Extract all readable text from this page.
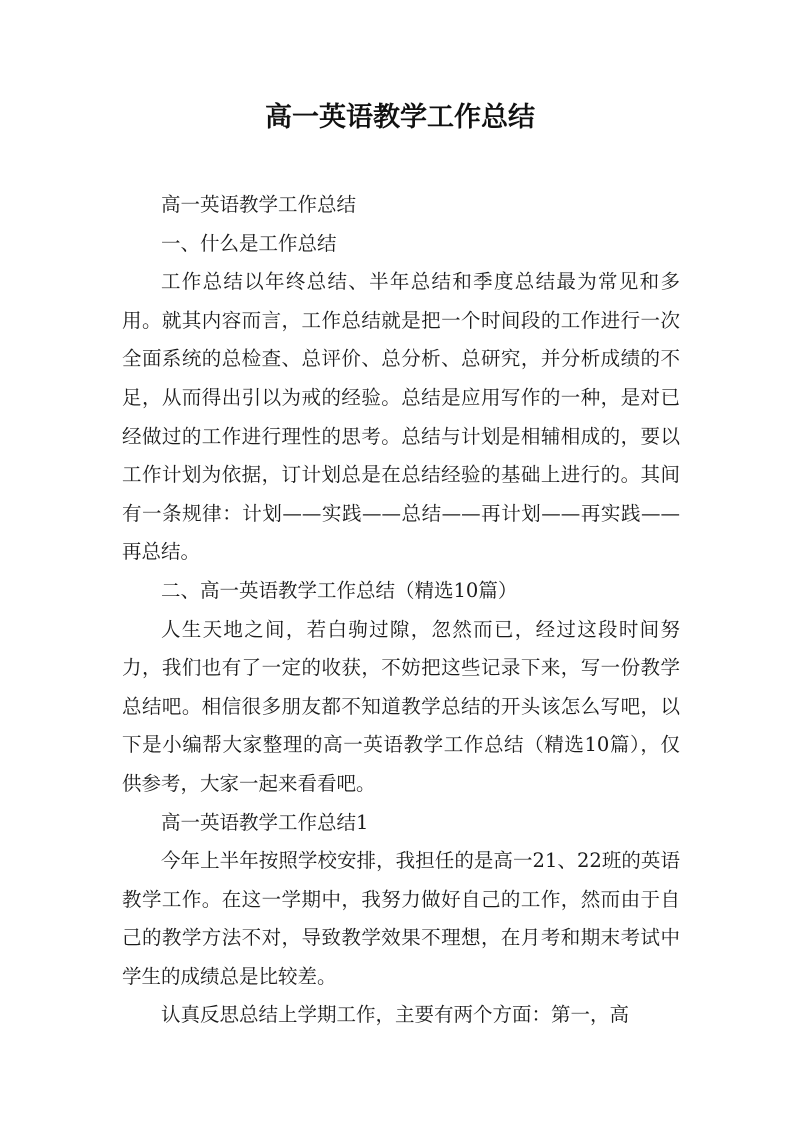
高一英语教学工作总结

高一英语教学工作总结

一、什么是工作总结

工作总结以年终总结、半年总结和季度总结最为常见和多用。就其内容而言，工作总结就是把一个时间段的工作进行一次全面系统的总检查、总评价、总分析、总研究，并分析成绩的不足，从而得出引以为戒的经验。总结是应用写作的一种，是对已经做过的工作进行理性的思考。总结与计划是相辅相成的，要以工作计划为依据，订计划总是在总结经验的基础上进行的。其间有一条规律：计划——实践——总结——再计划——再实践——再总结。

二、高一英语教学工作总结（精选10篇）

人生天地之间，若白驹过隙，忽然而已，经过这段时间努力，我们也有了一定的收获，不妨把这些记录下来，写一份教学总结吧。相信很多朋友都不知道教学总结的开头该怎么写吧，以下是小编帮大家整理的高一英语教学工作总结（精选10篇），仅供参考，大家一起来看看吧。

高一英语教学工作总结1

今年上半年按照学校安排，我担任的是高一21、22班的英语教学工作。在这一学期中，我努力做好自己的工作，然而由于自己的教学方法不对，导致教学效果不理想，在月考和期末考试中学生的成绩总是比较差。

认真反思总结上学期工作，主要有两个方面：第一，高
